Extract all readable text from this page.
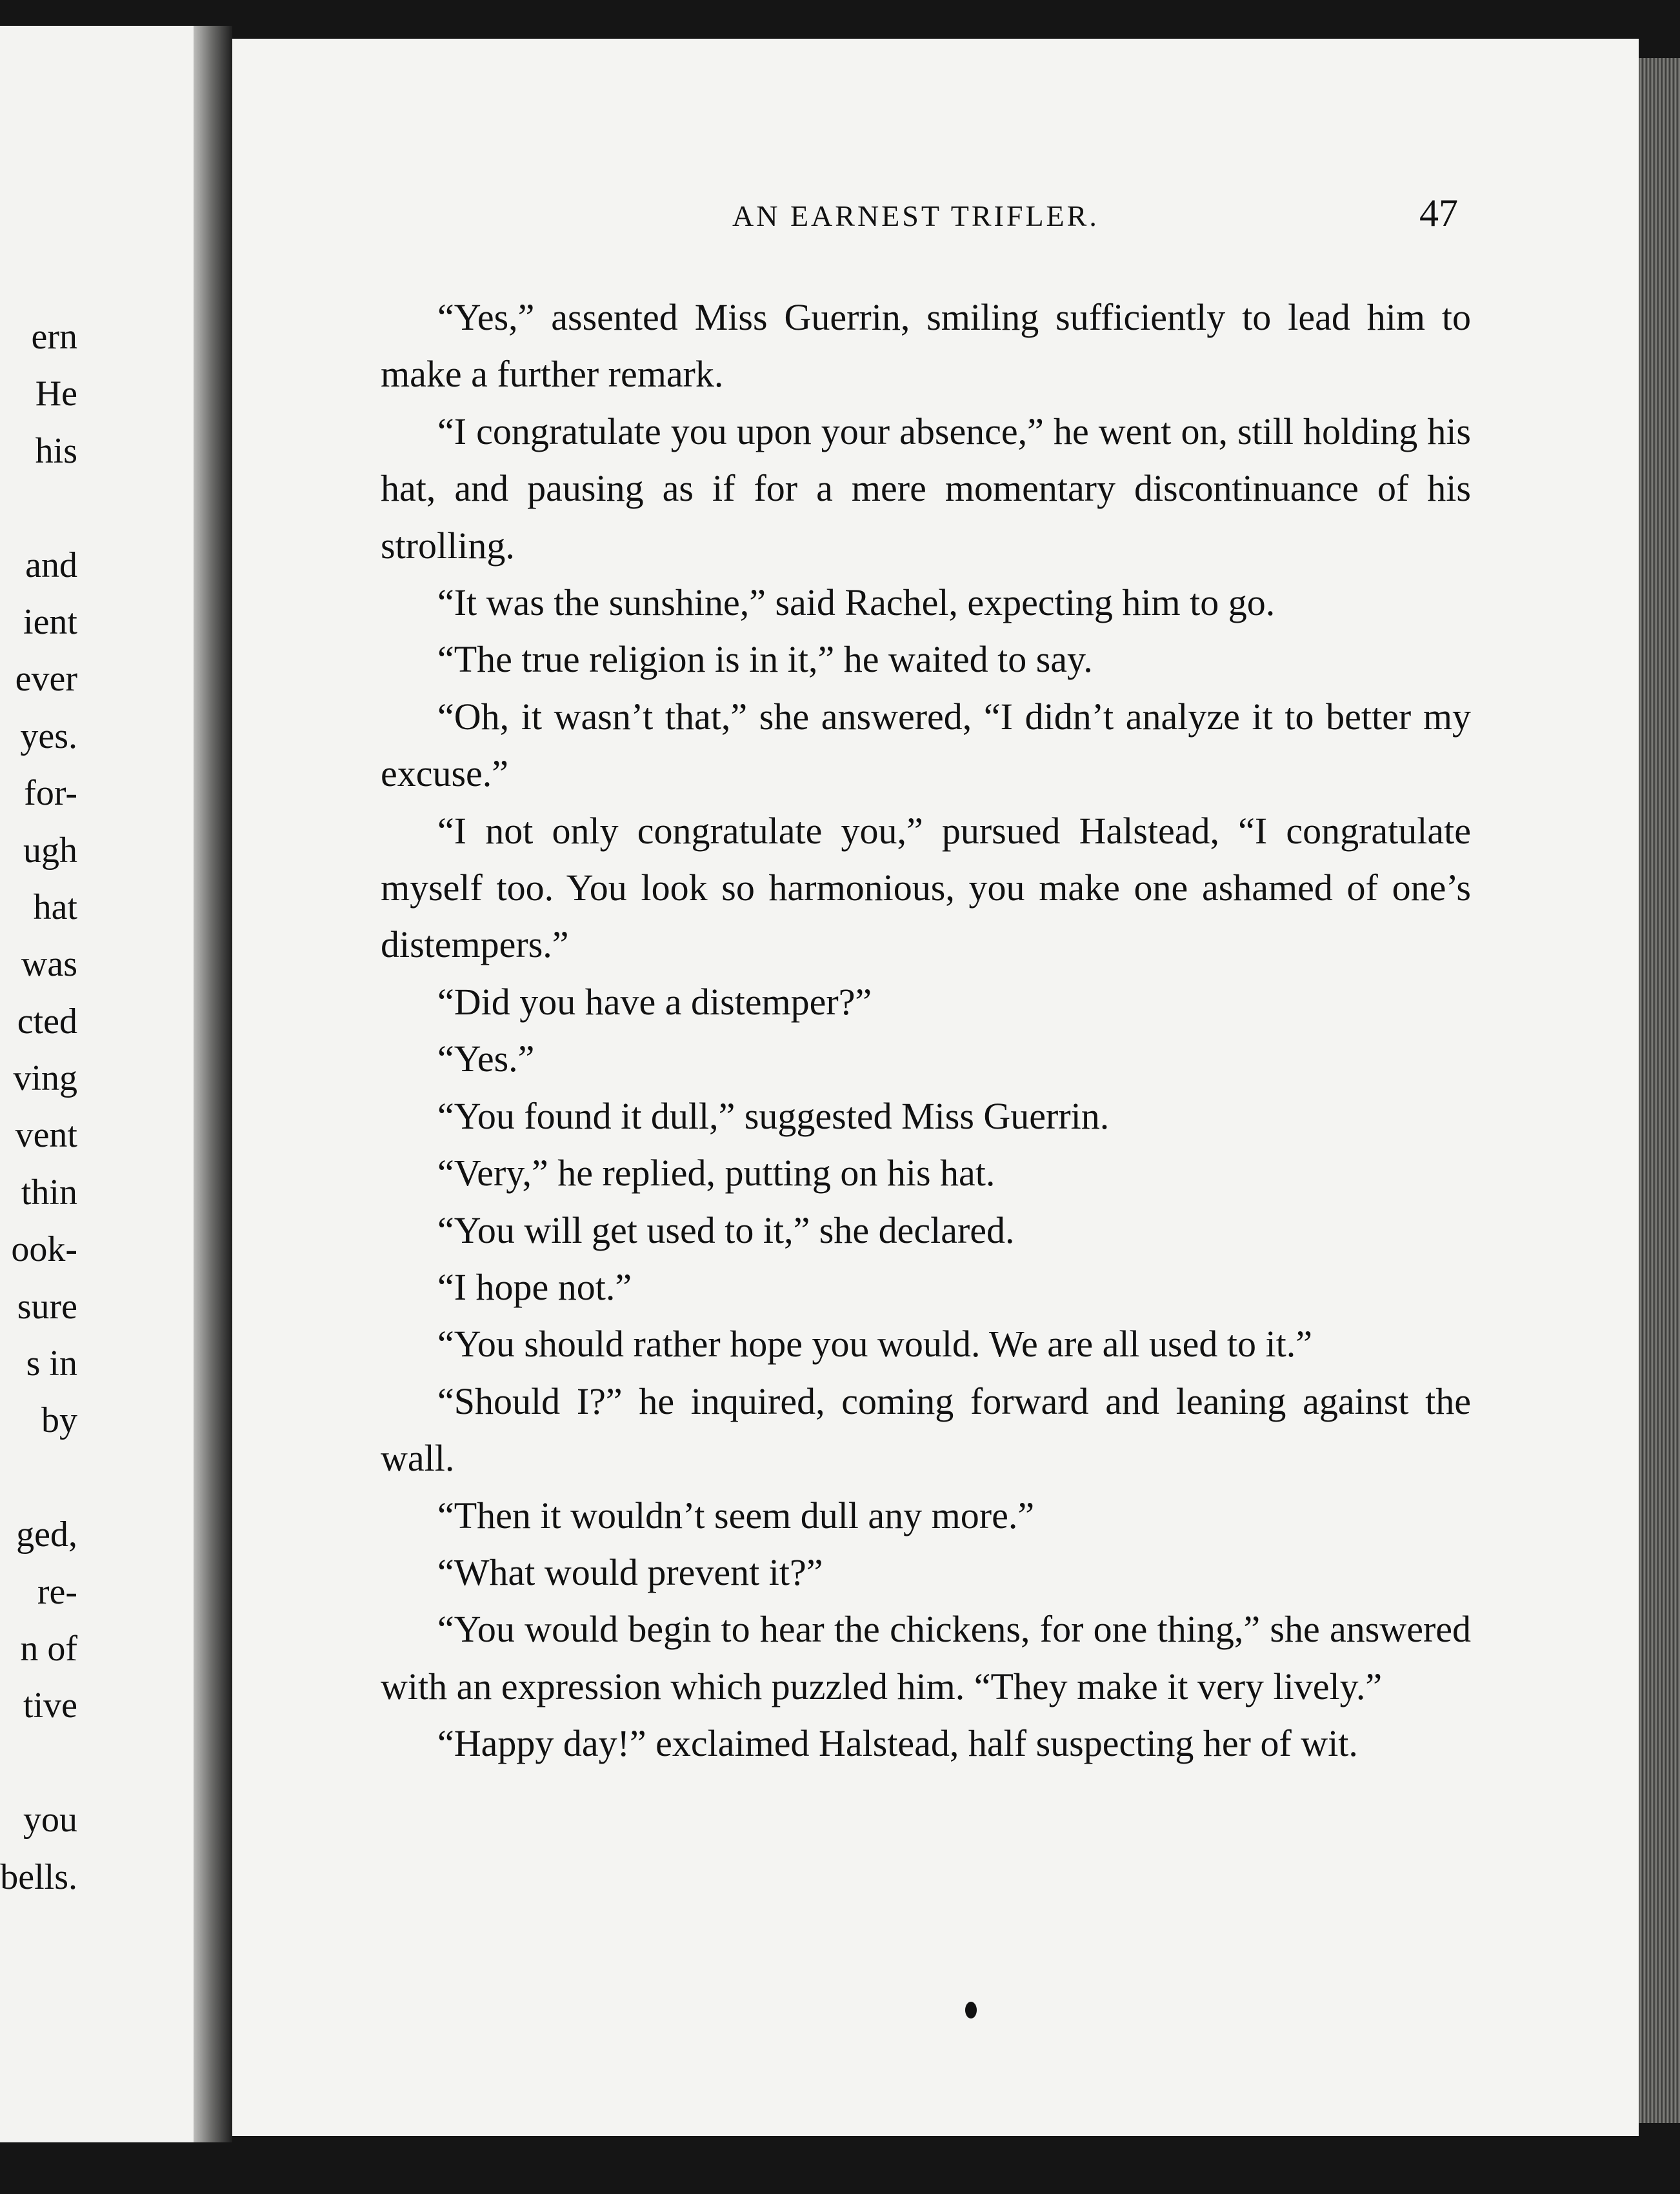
ern
He
his
and
ient
ever
yes.
for-
ugh
hat
was
cted
ving
vent
thin
ook-
sure
s in
by
ged,
re-
n of
tive
you
bells.
AN EARNEST TRIFLER.	47

“Yes,” assented Miss Guerrin, smiling sufficiently to lead him to make a further remark.

“I congratulate you upon your absence,” he went on, still holding his hat, and pausing as if for a mere momentary discontinuance of his strolling.

“It was the sunshine,” said Rachel, expecting him to go.

“The true religion is in it,” he waited to say.

“Oh, it wasn’t that,” she answered, “I didn’t analyze it to better my excuse.”

“I not only congratulate you,” pursued Halstead, “I congratulate myself too. You look so harmonious, you make one ashamed of one’s distempers.”

“Did you have a distemper?”

“Yes.”

“You found it dull,” suggested Miss Guerrin.

“Very,” he replied, putting on his hat.

“You will get used to it,” she declared.

“I hope not.”

“You should rather hope you would. We are all used to it.”

“Should I?” he inquired, coming forward and leaning against the wall.

“Then it wouldn’t seem dull any more.”

“What would prevent it?”

“You would begin to hear the chickens, for one thing,” she answered with an expression which puzzled him. “They make it very lively.”

“Happy day!” exclaimed Halstead, half suspecting her of wit.
